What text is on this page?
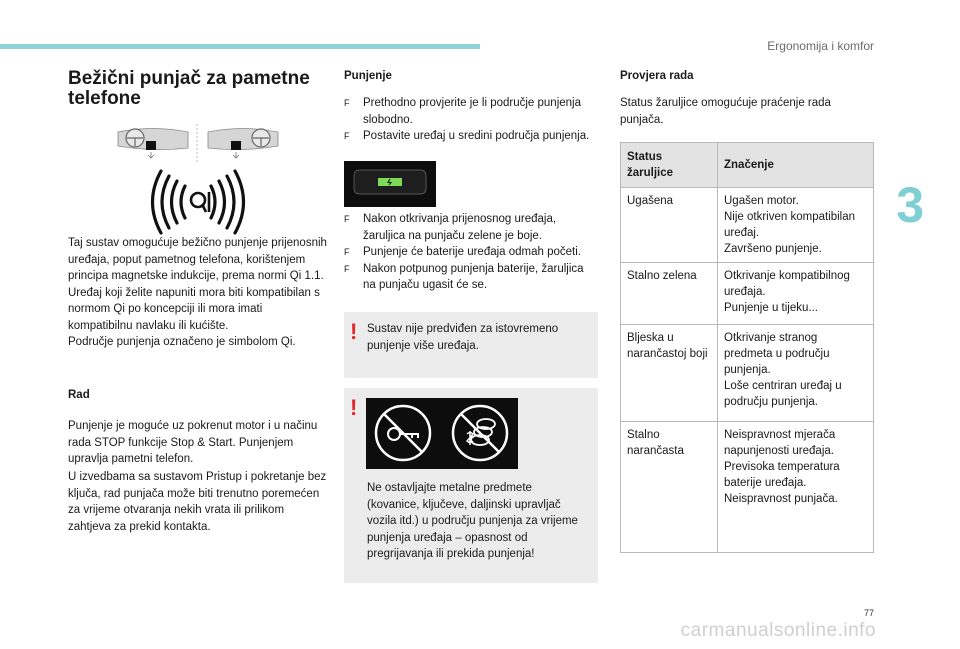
Ergonomija i komfor
3
77
carmanualsonline.info
Bežični punjač za pametne telefone
Taj sustav omogućuje bežično punjenje prijenosnih uređaja, poput pametnog telefona, korištenjem principa magnetske indukcije, prema normi Qi 1.1.
Uređaj koji želite napuniti mora biti kompatibilan s normom Qi po koncepciji ili mora imati kompatibilnu navlaku ili kućište.
Područje punjenja označeno je simbolom Qi.
Rad

Punjenje je moguće uz pokrenut motor i u načinu rada STOP funkcije Stop & Start. Punjenjem upravlja pametni telefon.

U izvedbama sa sustavom Pristup i pokretanje bez ključa, rad punjača može biti trenutno poremećen za vrijeme otvaranja nekih vrata ili prilikom zahtjeva za prekid kontakta.

Punjenje
F Prethodno provjerite je li područje punjenja slobodno.
F Postavite uređaj u sredini područja punjenja.
F Nakon otkrivanja prijenosnog uređaja, žaruljica na punjaču zelene je boje.
F Punjenje će baterije uređaja odmah početi.
F Nakon potpunog punjenja baterije, žaruljica na punjaču ugasit će se.
! Sustav nije predviđen za istovremeno punjenje više uređaja.

!

Ne ostavljajte metalne predmete (kovanice, ključeve, daljinski upravljač vozila itd.) u području punjenja za vrijeme punjenja uređaja – opasnost od pregrijavanja ili prekida punjenja!

Provjera rada

Status žaruljice omogućuje praćenje rada punjača.

Status žaruljice	Značenje
Ugašena	Ugašen motor.
Nije otkriven kompatibilan uređaj.
Završeno punjenje.
Stalno zelena	Otkrivanje kompatibilnog uređaja.
Punjenje u tijeku...
Bljeska u narančastoj boji	Otkrivanje stranog predmeta u području punjenja.
Loše centriran uređaj u području punjenja.
Stalno narančasta	Neispravnost mjerača napunjenosti uređaja.
Previsoka temperatura baterije uređaja.
Neispravnost punjača.
